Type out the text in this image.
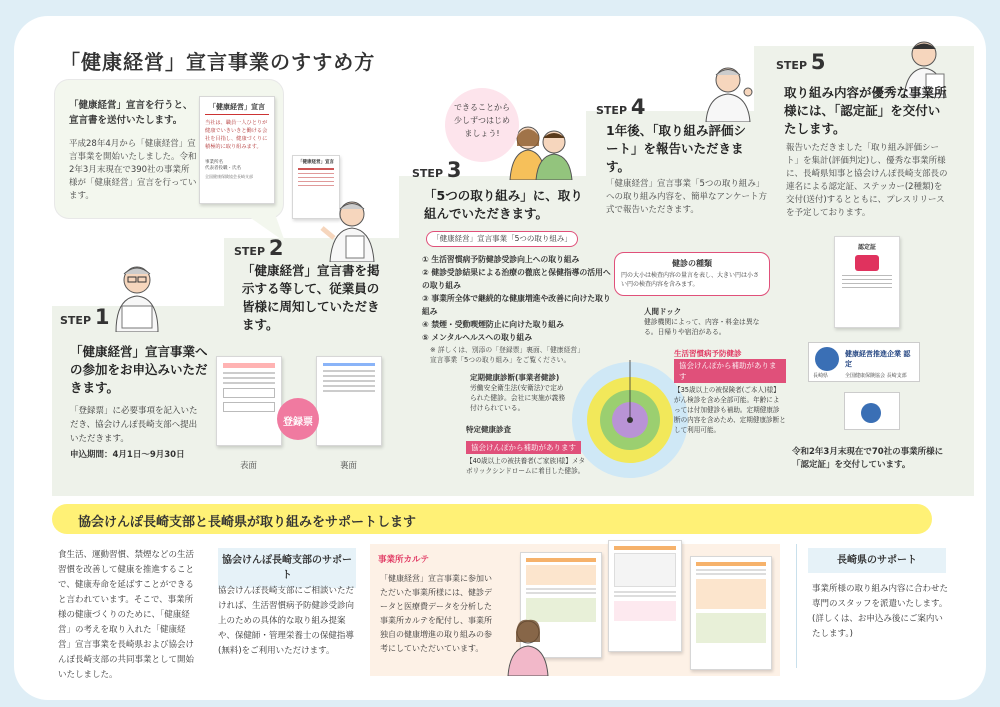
「健康経営」宣言事業のすすめ方
「健康経営」宣言を行うと、宣言書を送付いたします。
平成28年4月から「健康経営」宣言事業を開始いたしました。令和2年3月末現在で390社の事業所様が「健康経営」宣言を行っています。
「健康経営」宣言
当社は、職員一人ひとりが健康でいきいきと働ける会社を目指し、健康づくりに積極的に取り組みます。
事業所名
代表者役職・氏名
全国健康保険協会長崎支部
「健康経営」宣言
できることから少しずつはじめましょう!
STEP 1
「健康経営」宣言事業への参加をお申込みいただきます。
「登録票」に必要事項を記入いただき、協会けんぽ長崎支部へ提出いただきます。
申込期間：4月1日～9月30日
登録票
表面	裏面
STEP 2
「健康経営」宣言書を掲示する等して、従業員の皆様に周知していただきます。
STEP 3
「5つの取り組み」に、取り組んでいただきます。
「健康経営」宣言事業「5つの取り組み」
① 生活習慣病予防健診受診向上への取り組み
② 健診受診結果による治療の徹底と保健指導の活用への取り組み
③ 事業所全体で継続的な健康増進や改善に向けた取り組み
④ 禁煙・受動喫煙防止に向けた取り組み
⑤ メンタルヘルスへの取り組み
※ 詳しくは、別添の「登録票」裏面、「健康経営」宣言事業「5つの取り組み」をご覧ください。
健診の種類
円の大小は検査内容の量言を表し、大きい円は小さい円の検査内容を含みます。
人間ドック
健診機関によって、内容・料金は異なる。日帰りや宿泊がある。
生活習慣病予防健診
協会けんぽから補助があります
【35歳以上の被保険者(ご本人)様】がん検診を含め全部可能。年齢によっては付加健診も補助。定期健康診断の内容を含めため、定期健康診断として利用可能。
定期健康診断(事業者健診)
労働安全衛生法(安衛法)で定められた健診。会社に実施が義務付けられている。
特定健康診査
協会けんぽから補助があります
【40歳以上の被扶養者(ご家族)様】メタボリックシンドロームに着目した健診。
STEP 4
1年後、「取り組み評価シート」を報告いただきます。
「健康経営」宣言事業「5つの取り組み」への取り組み内容を、簡単なアンケート方式で報告いただきます。
STEP 5
取り組み内容が優秀な事業所様には、「認定証」を交付いたします。
報告いただきました「取り組み評価シート」を集計(評価判定)し、優秀な事業所様に、長崎県知事と協会けんぽ長崎支部長の連名による認定証、ステッカー(2種類)を交付(送付)するとともに、プレスリリースを予定しております。
認定証
健康経営推進企業 認定
長崎県	全国健康保険協会 長崎支部
令和2年3月末現在で70社の事業所様に「認定証」を交付しています。
協会けんぽ長崎支部と長崎県が取り組みをサポートします
食生活、運動習慣、禁煙などの生活習慣を改善して健康を推進することで、健康寿命を延ばすことができると言われています。そこで、事業所様の健康づくりのために、「健康経営」の考えを取り入れた「健康経営」宣言事業を長崎県および協会けんぽ長崎支部の共同事業として開始いたしました。
協会けんぽ長崎支部のサポート
協会けんぽ長崎支部にご相談いただければ、生活習慣病予防健診受診向上のための具体的な取り組み提案や、保健師・管理栄養士の保健指導(無料)をご利用いただけます。
事業所カルテ
「健康経営」宣言事業に参加いただいた事業所様には、健診データと医療費データを分析した事業所カルテを配付し、事業所独自の健康増進の取り組みの参考にしていただいています。
長崎県のサポート
事業所様の取り組み内容に合わせた専門のスタッフを派遣いたします。(詳しくは、お申込み後にご案内いたします。)
